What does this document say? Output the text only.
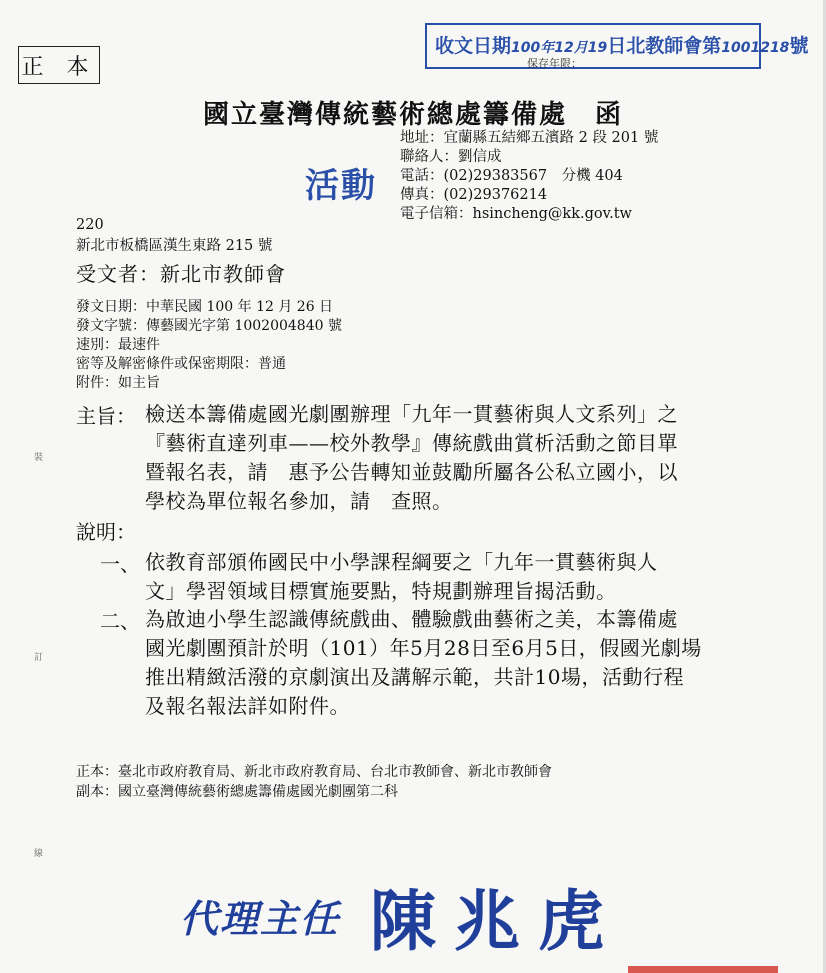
正 本
收文日期100年12月19日北教師會第1001218號
保存年限：
國立臺灣傳統藝術總處籌備處　函
活動
地址：宜蘭縣五結鄉五濱路 2 段 201 號
聯絡人：劉信成
電話：(02)29383567　分機 404
傳真：(02)29376214
電子信箱：hsincheng@kk.gov.tw
220
新北市板橋區漢生東路 215 號
受文者：新北市教師會
發文日期：中華民國 100 年 12 月 26 日
發文字號：傳藝國光字第 1002004840 號
速別：最速件
密等及解密條件或保密期限：普通
附件：如主旨
主旨： 檢送本籌備處國光劇團辦理「九年一貫藝術與人文系列」之
『藝術直達列車——校外教學』傳統戲曲賞析活動之節目單
暨報名表，請　惠予公告轉知並鼓勵所屬各公私立國小，以
學校為單位報名參加，請　查照。
說明：
一、 依教育部頒佈國民中小學課程綱要之「九年一貫藝術與人
文」學習領域目標實施要點，特規劃辦理旨揭活動。
二、 為啟迪小學生認識傳統戲曲、體驗戲曲藝術之美，本籌備處
國光劇團預計於明（101）年5月28日至6月5日，假國光劇場
推出精緻活潑的京劇演出及講解示範，共計10場，活動行程
及報名報法詳如附件。
正本：臺北市政府教育局、新北市政府教育局、台北市教師會、新北市教師會
副本：國立臺灣傳統藝術總處籌備處國光劇團第二科
代理主任 陳兆虎
裝
訂
線
